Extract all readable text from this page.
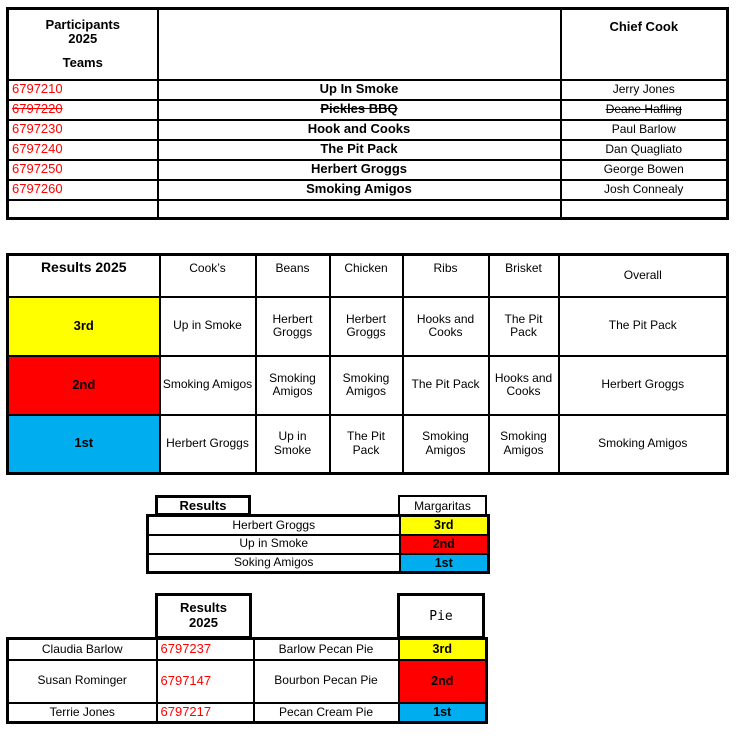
Participants
2025
Teams		Chief Cook
6797210	Up In Smoke	Jerry Jones
6797220	Pickles BBQ	Deane Hafling
6797230	Hook and Cooks	Paul Barlow
6797240	The Pit Pack	Dan Quagliato
6797250	Herbert Groggs	George Bowen
6797260	Smoking Amigos	Josh Connealy

Results 2025	Cook’s	Beans	Chicken	Ribs	Brisket	Overall
3rd	Up in Smoke	Herbert Groggs	Herbert Groggs	Hooks and Cooks	The Pit Pack	The Pit Pack
2nd	Smoking Amigos	Smoking Amigos	Smoking Amigos	The Pit Pack	Hooks and Cooks	Herbert Groggs
1st	Herbert Groggs	Up in Smoke	The Pit Pack	Smoking Amigos	Smoking Amigos	Smoking Amigos
Results	Margaritas
Herbert Groggs	3rd
Up in Smoke	2nd
Soking Amigos	1st
Results
2025	Pie
Claudia Barlow	6797237	Barlow Pecan Pie	3rd
Susan Rominger	6797147	Bourbon Pecan Pie	2nd
Terrie Jones	6797217	Pecan Cream Pie	1st
